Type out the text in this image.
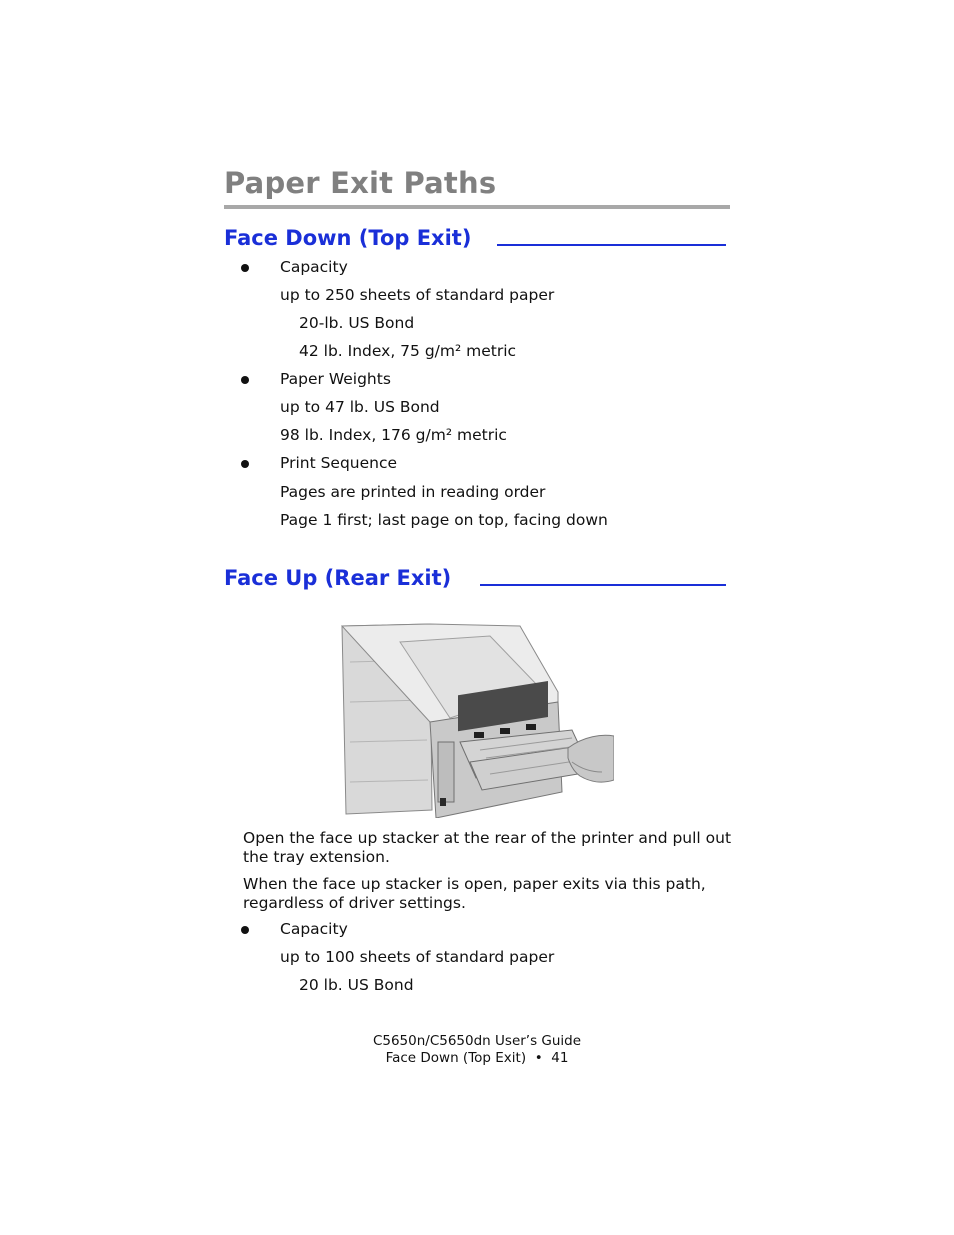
Paper Exit Paths
Face Down (Top Exit)

Capacity

up to 250 sheets of standard paper

20-lb. US Bond

42 lb. Index, 75 g/m² metric

Paper Weights

up to 47 lb. US Bond

98 lb. Index, 176 g/m² metric

Print Sequence

Pages are printed in reading order

Page 1 first; last page on top, facing down

Face Up (Rear Exit)

Open the face up stacker at the rear of the printer and pull out the tray extension.

When the face up stacker is open, paper exits via this path, regardless of driver settings.

Capacity

up to 100 sheets of standard paper

20 lb. US Bond

C5650n/C5650dn User’s Guide

Face Down (Top Exit) • 41
